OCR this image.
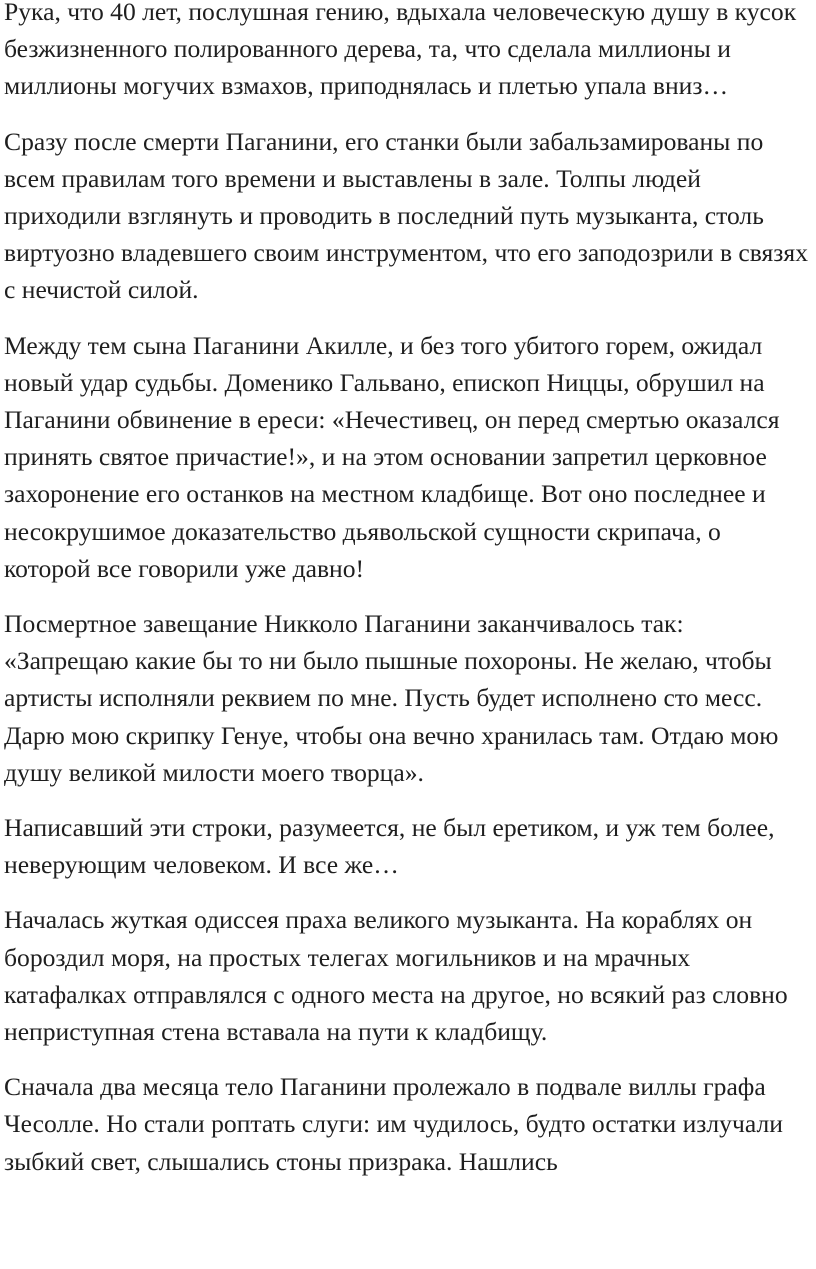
Рука, что 40 лет, послушная гению, вдыхала человеческую душу в кусок безжизненного полированного дерева, та, что сделала миллионы и миллионы могучих взмахов, приподнялась и плетью упала вниз…

Сразу после смерти Паганини, его станки были забальзамированы по всем правилам того времени и выставлены в зале. Толпы людей приходили взглянуть и проводить в последний путь музыканта, столь виртуозно владевшего своим инструментом, что его заподозрили в связях с нечистой силой.

Между тем сына Паганини Акилле, и без того убитого горем, ожидал новый удар судьбы. Доменико Гальвано, епископ Ниццы, обрушил на Паганини обвинение в ереси: «Нечестивец, он перед смертью оказался принять святое причастие!», и на этом основании запретил церковное захоронение его останков на местном кладбище. Вот оно последнее и несокрушимое доказательство дьявольской сущности скрипача, о которой все говорили уже давно!

Посмертное завещание Никколо Паганини заканчивалось так: «Запрещаю какие бы то ни было пышные похороны. Не желаю, чтобы артисты исполняли реквием по мне. Пусть будет исполнено сто месс. Дарю мою скрипку Генуе, чтобы она вечно хранилась там. Отдаю мою душу великой милости моего творца».

Написавший эти строки, разумеется, не был еретиком, и уж тем более, неверующим человеком. И все же…

Началась жуткая одиссея праха великого музыканта. На кораблях он бороздил моря, на простых телегах могильников и на мрачных катафалках отправлялся с одного места на другое, но всякий раз словно неприступная стена вставала на пути к кладбищу.

Сначала два месяца тело Паганини пролежало в подвале виллы графа Чесолле. Но стали роптать слуги: им чудилось, будто остатки излучали зыбкий свет, слышались стоны призрака. Нашлись
